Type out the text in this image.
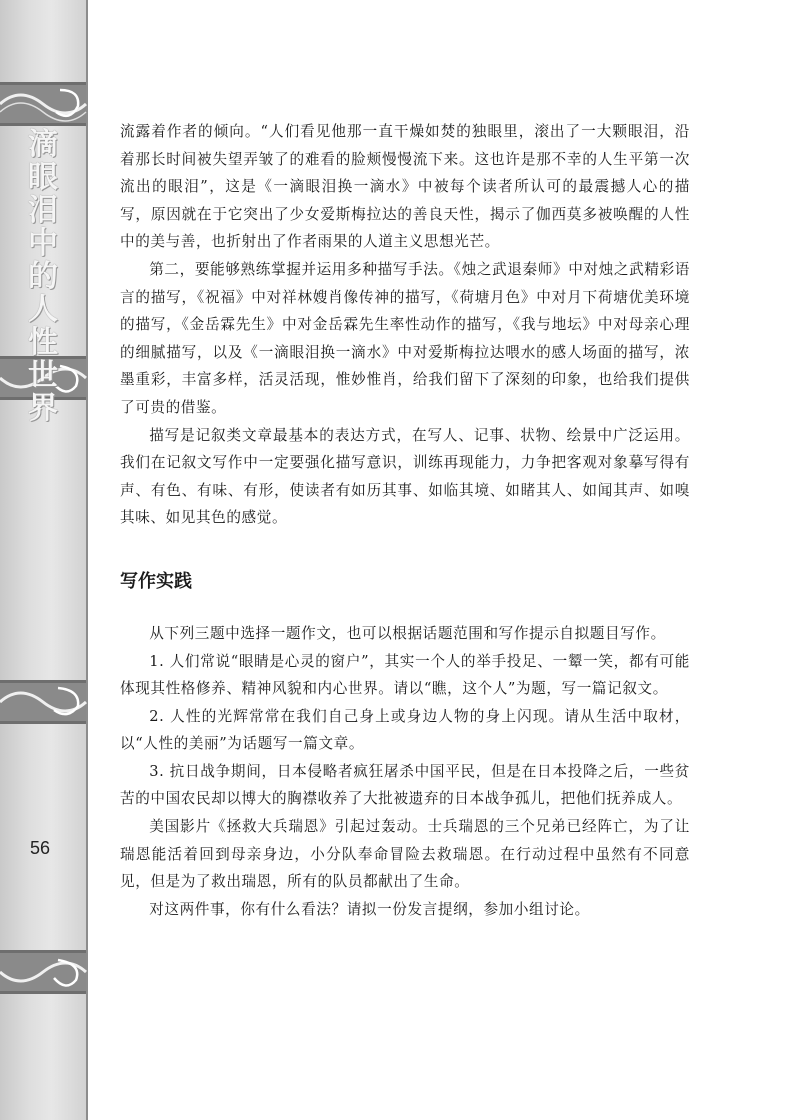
滴
眼
泪
中
的
人
性
世
界
56

流露着作者的倾向。“人们看见他那一直干燥如焚的独眼里，滚出了一大颗眼泪，沿着那长时间被失望弄皱了的难看的脸颊慢慢流下来。这也许是那不幸的人生平第一次流出的眼泪”，这是《一滴眼泪换一滴水》中被每个读者所认可的最震撼人心的描写，原因就在于它突出了少女爱斯梅拉达的善良天性，揭示了伽西莫多被唤醒的人性中的美与善，也折射出了作者雨果的人道主义思想光芒。

第二，要能够熟练掌握并运用多种描写手法。《烛之武退秦师》中对烛之武精彩语言的描写，《祝福》中对祥林嫂肖像传神的描写，《荷塘月色》中对月下荷塘优美环境的描写，《金岳霖先生》中对金岳霖先生率性动作的描写，《我与地坛》中对母亲心理的细腻描写，以及《一滴眼泪换一滴水》中对爱斯梅拉达喂水的感人场面的描写，浓墨重彩，丰富多样，活灵活现，惟妙惟肖，给我们留下了深刻的印象，也给我们提供了可贵的借鉴。

描写是记叙类文章最基本的表达方式，在写人、记事、状物、绘景中广泛运用。我们在记叙文写作中一定要强化描写意识，训练再现能力，力争把客观对象摹写得有声、有色、有味、有形，使读者有如历其事、如临其境、如睹其人、如闻其声、如嗅其味、如见其色的感觉。

写作实践

从下列三题中选择一题作文，也可以根据话题范围和写作提示自拟题目写作。

1. 人们常说“眼睛是心灵的窗户”，其实一个人的举手投足、一颦一笑，都有可能体现其性格修养、精神风貌和内心世界。请以“瞧，这个人”为题，写一篇记叙文。

2. 人性的光辉常常在我们自己身上或身边人物的身上闪现。请从生活中取材，以“人性的美丽”为话题写一篇文章。

3. 抗日战争期间，日本侵略者疯狂屠杀中国平民，但是在日本投降之后，一些贫苦的中国农民却以博大的胸襟收养了大批被遗弃的日本战争孤儿，把他们抚养成人。

美国影片《拯救大兵瑞恩》引起过轰动。士兵瑞恩的三个兄弟已经阵亡，为了让瑞恩能活着回到母亲身边，小分队奉命冒险去救瑞恩。在行动过程中虽然有不同意见，但是为了救出瑞恩，所有的队员都献出了生命。

对这两件事，你有什么看法？请拟一份发言提纲，参加小组讨论。
